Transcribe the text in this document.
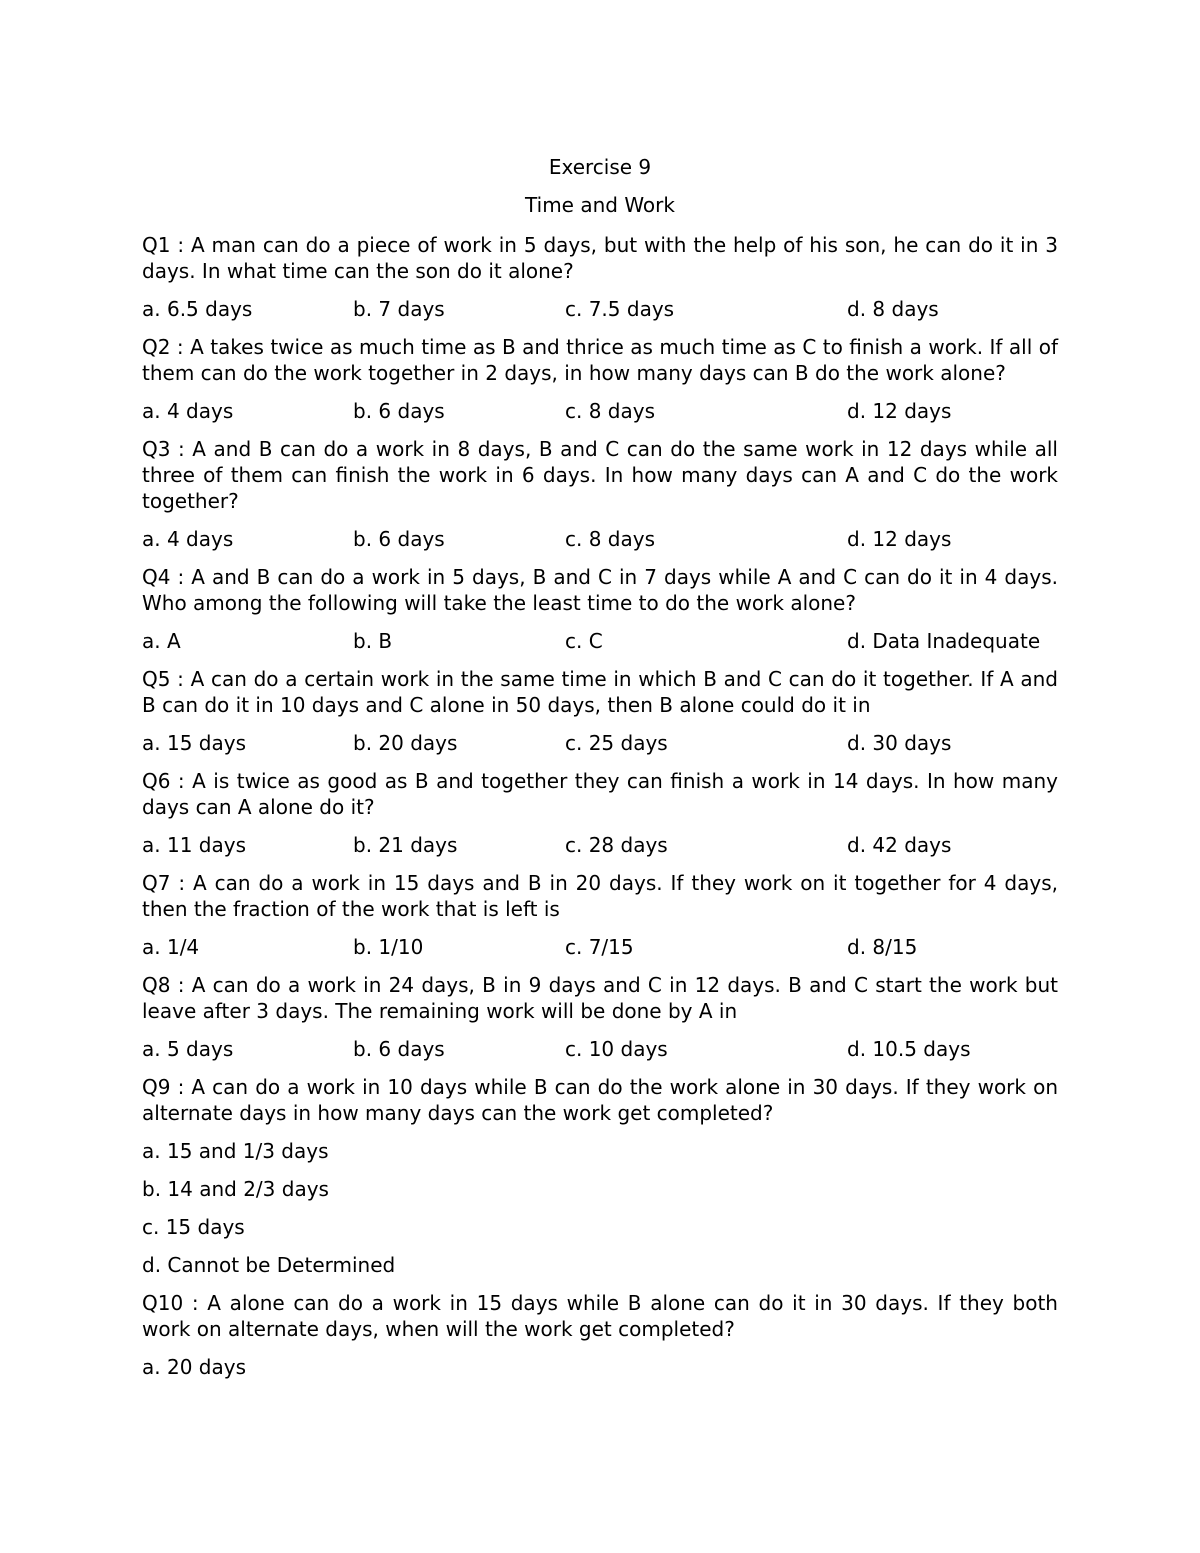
Exercise 9
Time and Work

Q1 : A man can do a piece of work in 5 days, but with the help of his son, he can do it in 3 days. In what time can the son do it alone?

a. 6.5 days	b. 7 days	c. 7.5 days	d. 8 days

Q2 : A takes twice as much time as B and thrice as much time as C to finish a work. If all of them can do the work together in 2 days, in how many days can B do the work alone?

a. 4 days	b. 6 days	c. 8 days	d. 12 days

Q3 : A and B can do a work in 8 days, B and C can do the same work in 12 days while all three of them can finish the work in 6 days. In how many days can A and C do the work together?

a. 4 days	b. 6 days	c. 8 days	d. 12 days

Q4 : A and B can do a work in 5 days, B and C in 7 days while A and C can do it in 4 days. Who among the following will take the least time to do the work alone?

a. A	b. B	c. C	d. Data Inadequate

Q5 : A can do a certain work in the same time in which B and C can do it together. If A and B can do it in 10 days and C alone in 50 days, then B alone could do it in

a. 15 days	b. 20 days	c. 25 days	d. 30 days

Q6 : A is twice as good as B and together they can finish a work in 14 days. In how many days can A alone do it?

a. 11 days	b. 21 days	c. 28 days	d. 42 days

Q7 : A can do a work in 15 days and B in 20 days. If they work on it together for 4 days, then the fraction of the work that is left is

a. 1/4	b. 1/10	c. 7/15	d. 8/15

Q8 : A can do a work in 24 days, B in 9 days and C in 12 days. B and C start the work but leave after 3 days. The remaining work will be done by A in

a. 5 days	b. 6 days	c. 10 days	d. 10.5 days

Q9 : A can do a work in 10 days while B can do the work alone in 30 days. If they work on alternate days in how many days can the work get completed?

a. 15 and 1/3 days
b. 14 and 2/3 days
c. 15 days
d. Cannot be Determined

Q10 : A alone can do a work in 15 days while B alone can do it in 30 days. If they both work on alternate days, when will the work get completed?

a. 20 days
